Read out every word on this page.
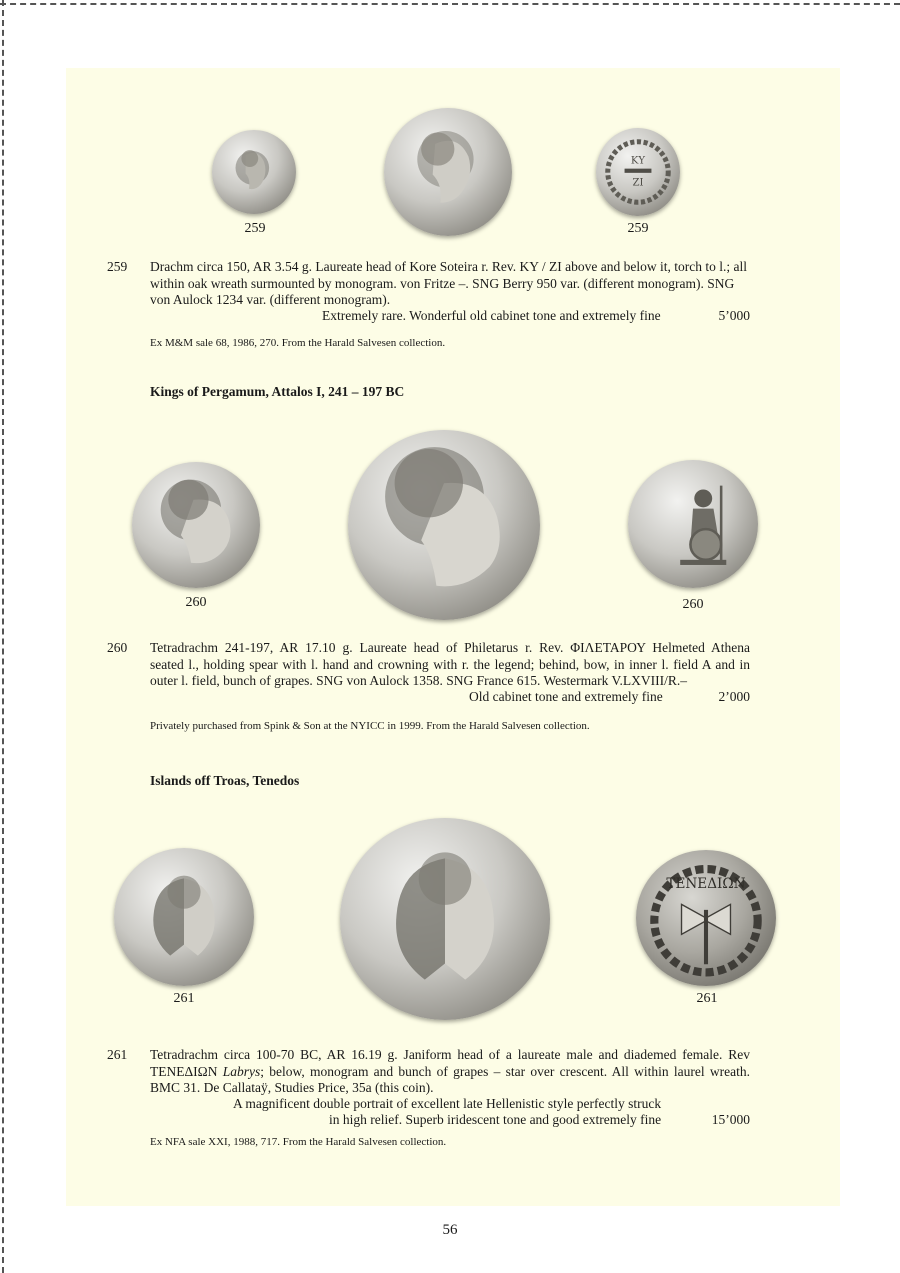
ΚΥ
ΖΙ
259	259
259 Drachm circa 150, AR 3.54 g. Laureate head of Kore Soteira r. Rev. KY / ZI above and below it, torch to l.; all
within oak wreath surmounted by monogram. von Fritze –. SNG Berry 950 var. (different monogram). SNG
von Aulock 1234 var. (different monogram).
Extremely rare. Wonderful old cabinet tone and extremely fine	5’000
Ex M&M sale 68, 1986, 270. From the Harald Salvesen collection.
Kings of Pergamum, Attalos I, 241 – 197 BC
260	260
260 Tetradrachm 241-197, AR 17.10 g. Laureate head of Philetarus r. Rev. ΦΙΛΕΤΑΡΟΥ Helmeted Athena
seated l., holding spear with l. hand and crowning with r. the legend; behind, bow, in inner l. field A and in
outer l. field, bunch of grapes. SNG von Aulock 1358. SNG France 615. Westermark V.LXVIII/R.–
Old cabinet tone and extremely fine	2’000
Privately purchased from Spink & Son at the NYICC in 1999. From the Harald Salvesen collection.
Islands off Troas, Tenedos
ΤΕΝΕΔΙΩΝ
261	261
261 Tetradrachm circa 100-70 BC, AR 16.19 g. Janiform head of a laureate male and diademed female. Rev
ΤΕΝΕΔΙΩΝ Labrys; below, monogram and bunch of grapes – star over crescent. All within laurel wreath.
BMC 31. De Callataÿ, Studies Price, 35a (this coin).
A magnificent double portrait of excellent late Hellenistic style perfectly struck
in high relief. Superb iridescent tone and good extremely fine	15’000
Ex NFA sale XXI, 1988, 717. From the Harald Salvesen collection.
56
